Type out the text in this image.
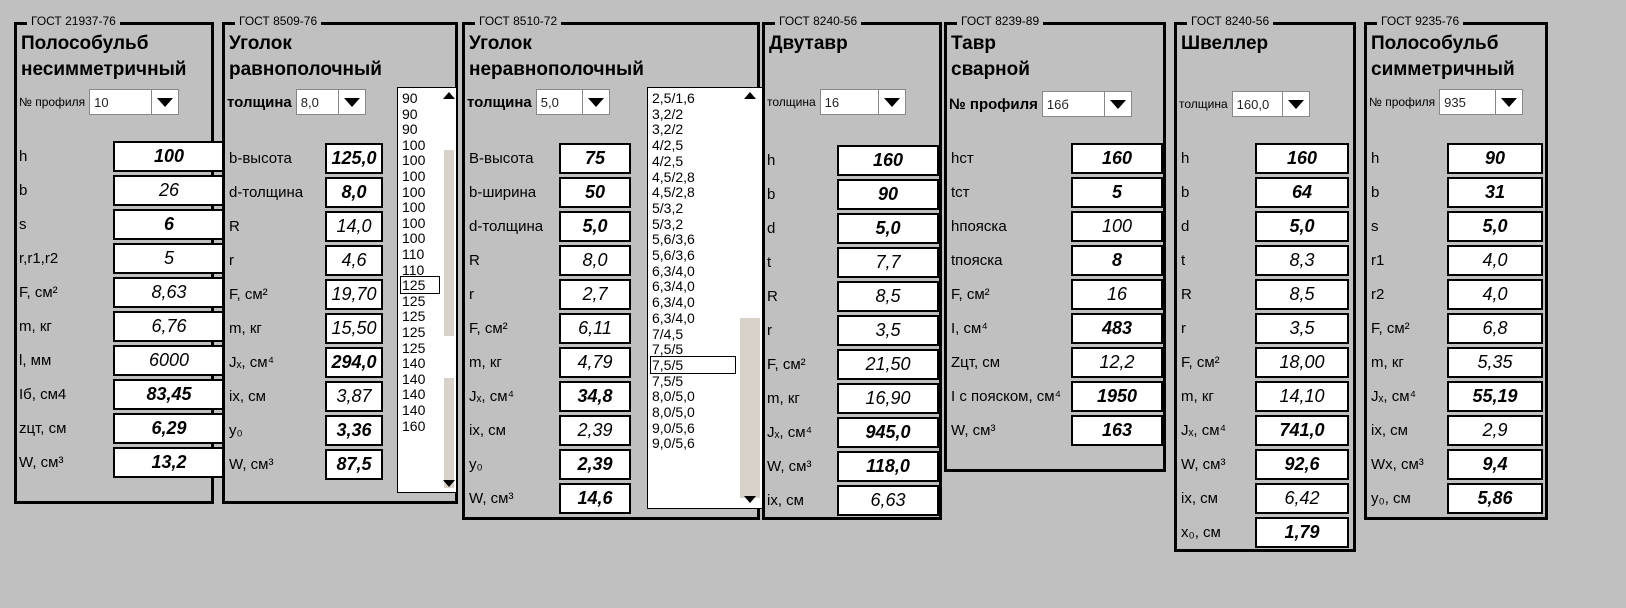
ГОСТ 21937-76
Полособульб
несимметричный
№ профиля 10
h	100
b	26
s	6
r,r1,r2	5
F, см²	8,63
m, кг	6,76
l, мм	6000
Iб, см4	83,45
zцт, см	6,29
W, см³	13,2
ГОСТ 8509-76
Уголок
равнополочный
толщина 8,0
b-высота	125,0
d-толщина	8,0
R	14,0
r	4,6
F, см²	19,70
m, кг	15,50
Jₓ, см⁴	294,0
ix, см	3,87
y₀	3,36
W, см³	87,5
90
90
90
100
100
100
100
100
100
100
110
110
125
125
125
125
125
140
140
140
140
160
ГОСТ 8510-72
Уголок
неравнополочный
толщина 5,0
B-высота	75
b-ширина	50
d-толщина	5,0
R	8,0
r	2,7
F, см²	6,11
m, кг	4,79
Jₓ, см⁴	34,8
ix, см	2,39
y₀	2,39
W, см³	14,6
2,5/1,6
3,2/2
3,2/2
4/2,5
4/2,5
4,5/2,8
4,5/2,8
5/3,2
5/3,2
5,6/3,6
5,6/3,6
6,3/4,0
6,3/4,0
6,3/4,0
6,3/4,0
7/4,5
7,5/5
7,5/5
7,5/5
8,0/5,0
8,0/5,0
9,0/5,6
9,0/5,6
ГОСТ 8240-56
Двутавр
толщина 16
h	160
b	90
d	5,0
t	7,7
R	8,5
r	3,5
F, см²	21,50
m, кг	16,90
Jₓ, см⁴	945,0
W, см³	118,0
ix, см	6,63
ГОСТ 8239-89
Тавр
сварной
№ профиля 16б
hст	160
tст	5
hпояска	100
tпояска	8
F, см²	16
I, см⁴	483
Zцт, см	12,2
I с пояском, см⁴	1950
W, см³	163
ГОСТ 8240-56
Швеллер
толщина 160,0
h	160
b	64
d	5,0
t	8,3
R	8,5
r	3,5
F, см²	18,00
m, кг	14,10
Jₓ, см⁴	741,0
W, см³	92,6
ix, см	6,42
x₀, см	1,79
ГОСТ 9235-76
Полособульб
симметричный
№ профиля 935
h	90
b	31
s	5,0
r1	4,0
r2	4,0
F, см²	6,8
m, кг	5,35
Jₓ, см⁴	55,19
ix, см	2,9
Wx, см³	9,4
y₀, см	5,86
